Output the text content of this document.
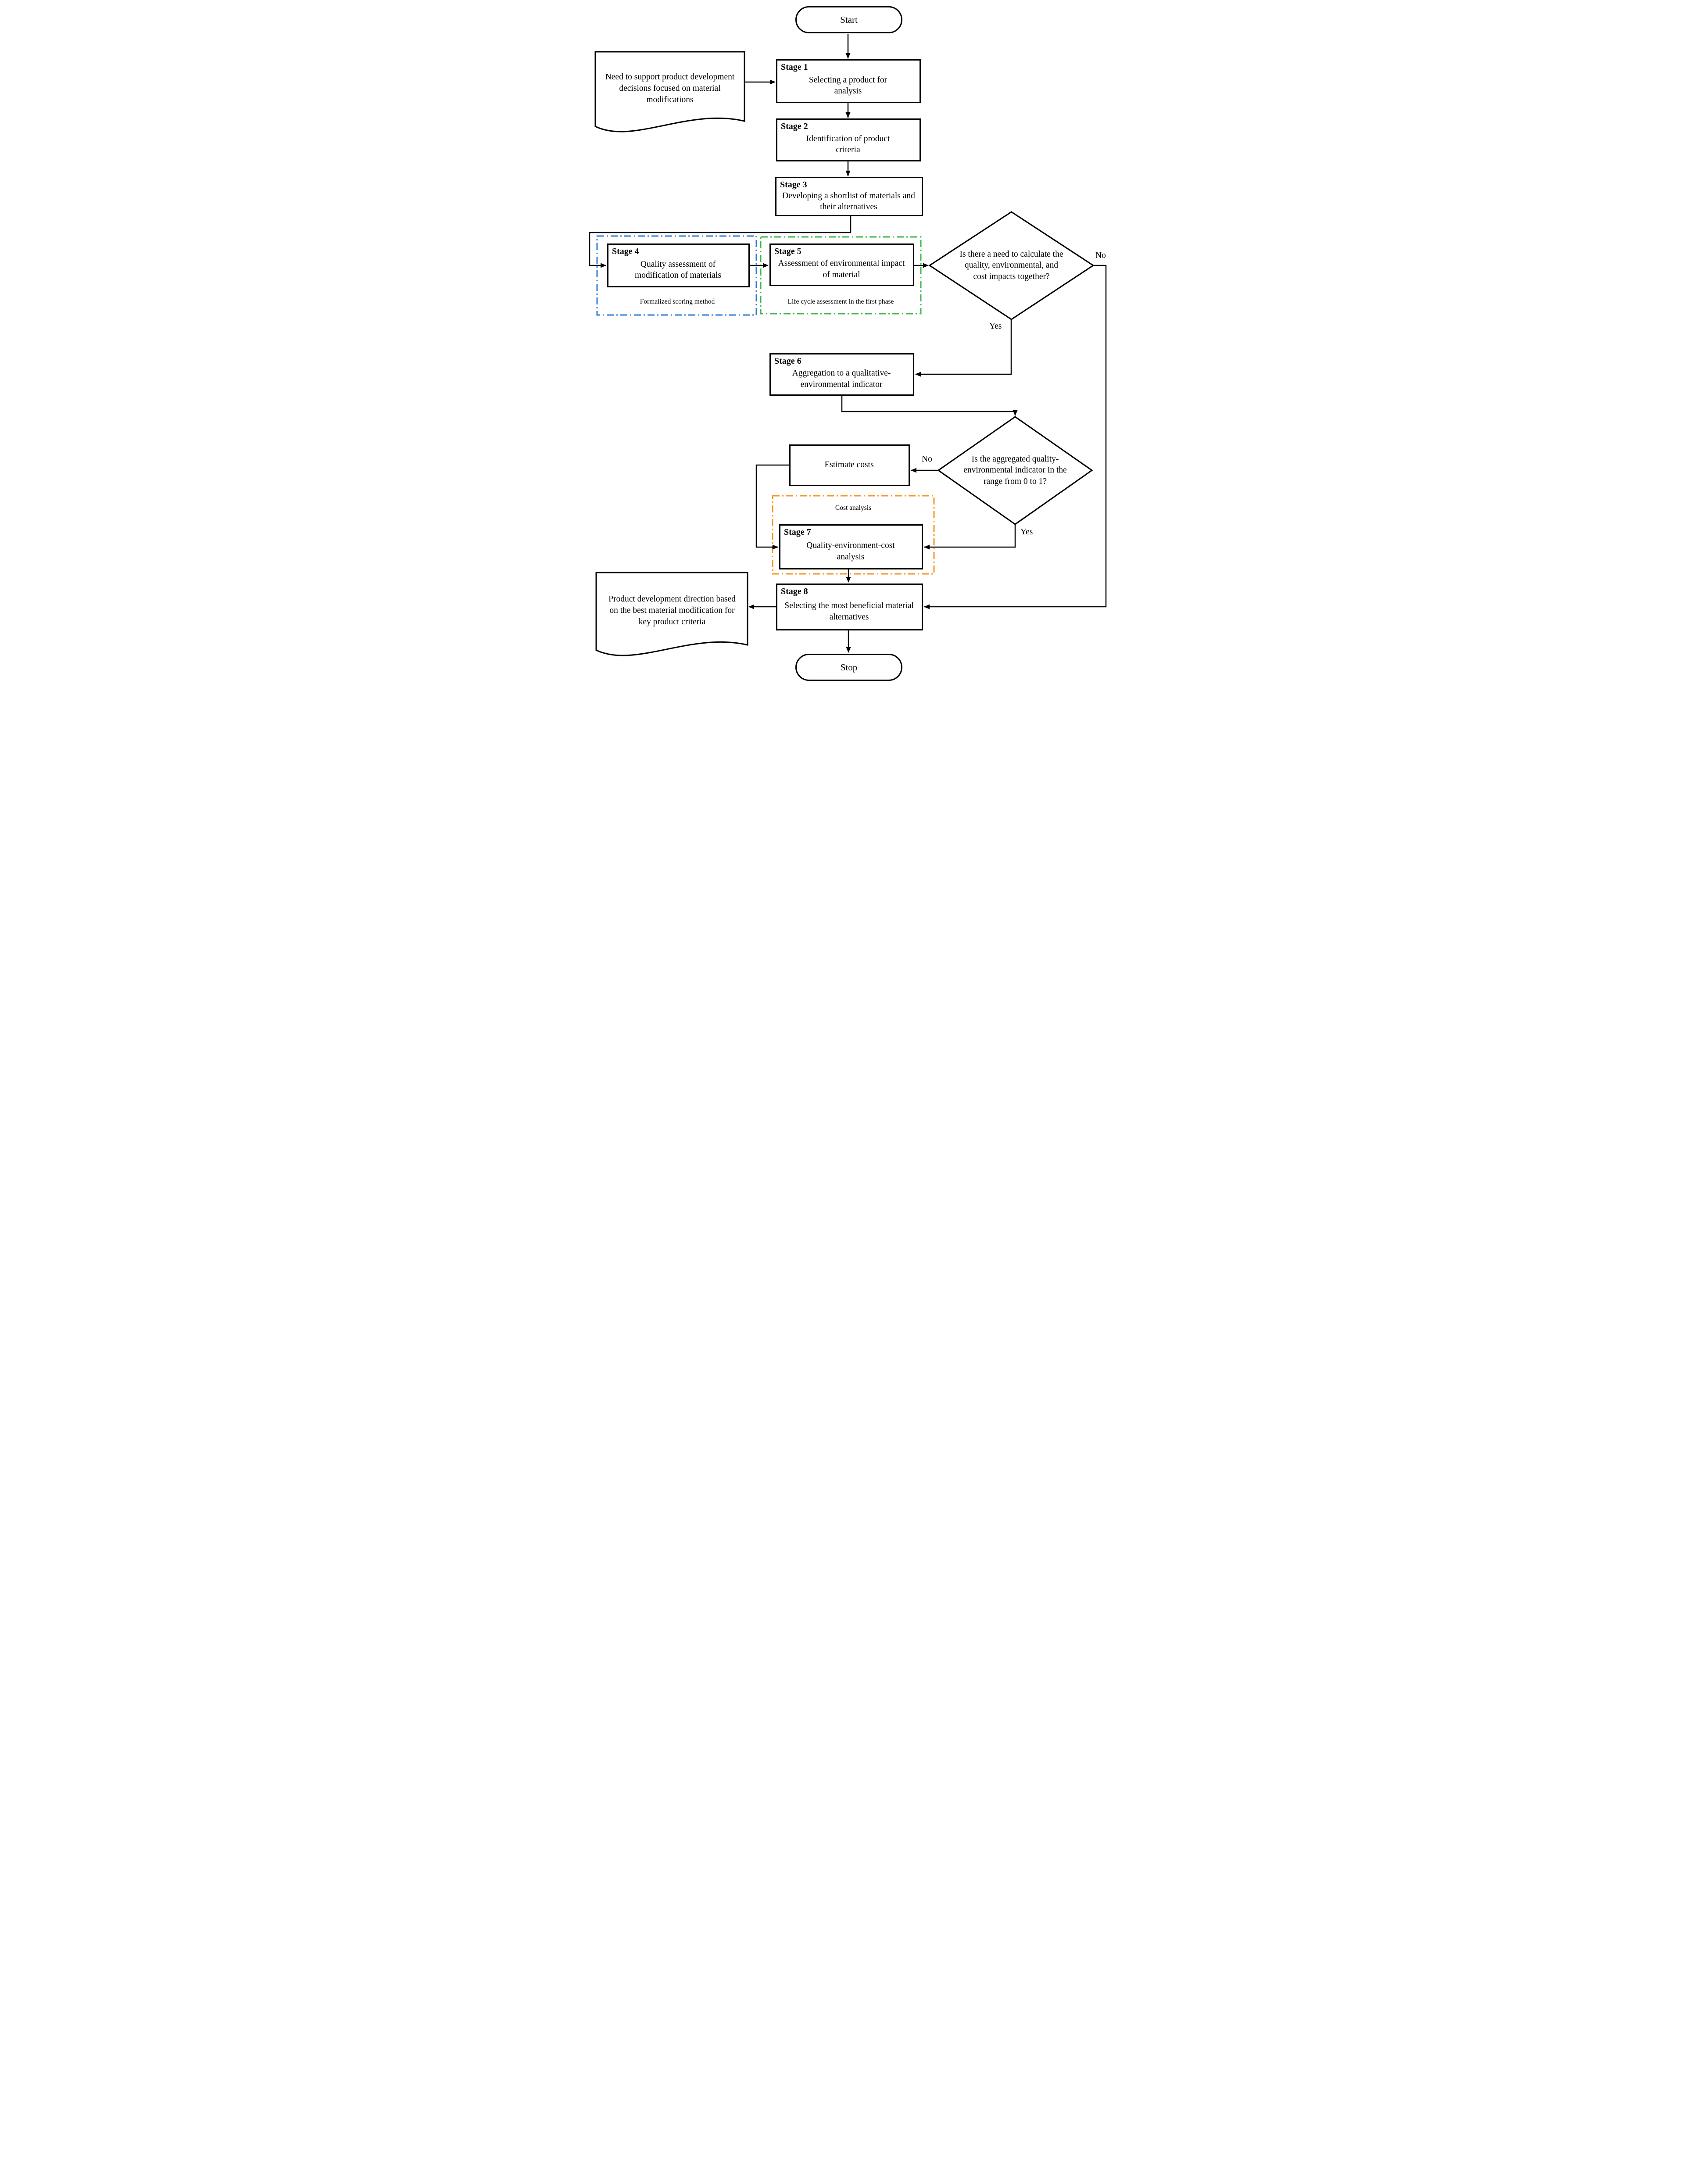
Start
Stop
Need to support product development decisions focused on material modifications
Product development direction based on the best material modification for key product criteria
Stage 1
Selecting a product for analysis
Stage 2
Identification of product criteria
Stage 3
Developing a shortlist of materials and their alternatives
Stage 4
Quality assessment of modification of materials
Formalized scoring method
Stage 5
Assessment of environmental impact of material
Life cycle assessment in the first phase
Is there a need to calculate the quality, environmental, and cost impacts together?
No
Yes
Stage 6
Aggregation to a qualitative-environmental indicator
Is the aggregated quality-environmental indicator in the range from 0 to 1?
No
Yes
Estimate costs
Cost analysis
Stage 7
Quality-environment-cost analysis
Stage 8
Selecting the most beneficial material alternatives
